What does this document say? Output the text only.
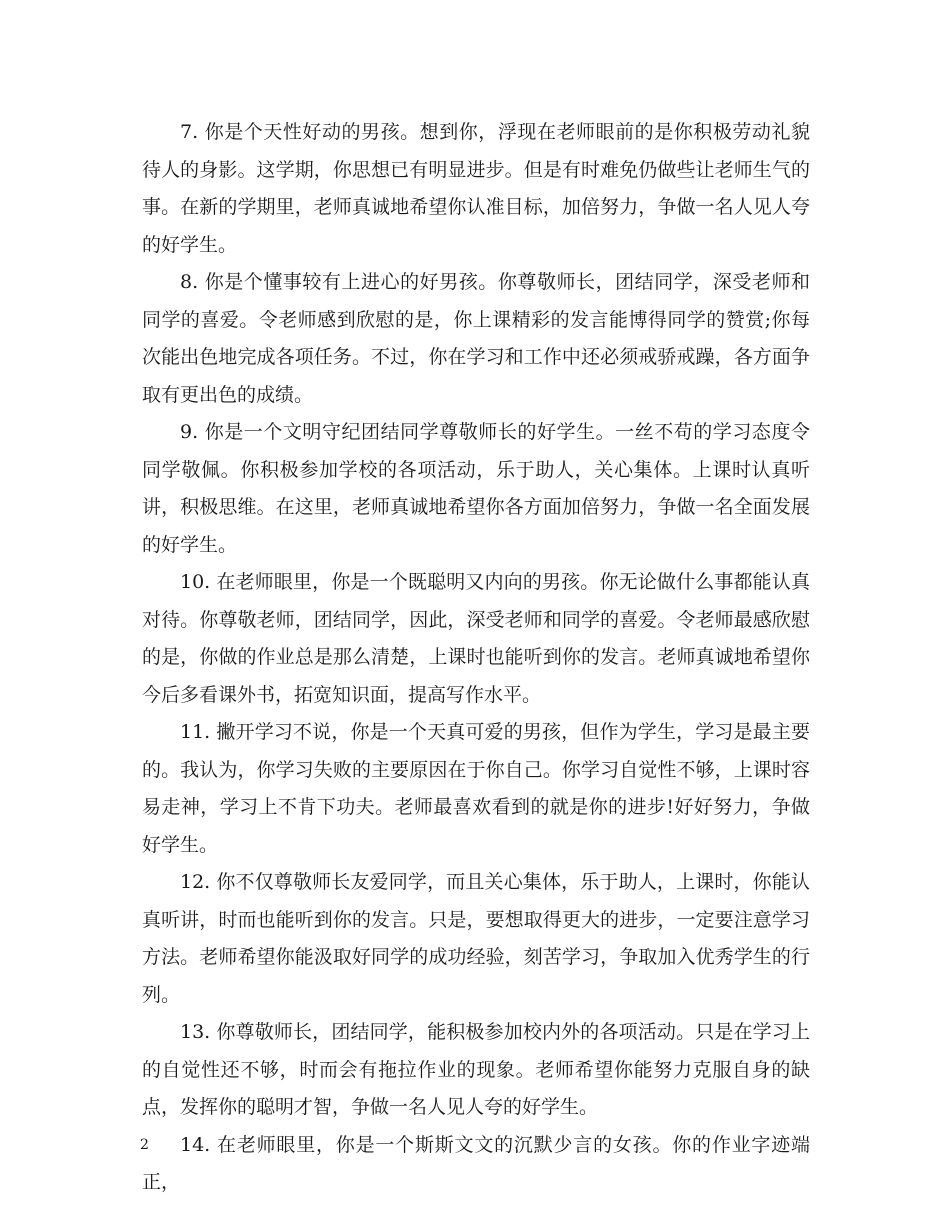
7. 你是个天性好动的男孩。想到你，浮现在老师眼前的是你积极劳动礼貌待人的身影。这学期，你思想已有明显进步。但是有时难免仍做些让老师生气的事。在新的学期里，老师真诚地希望你认准目标，加倍努力，争做一名人见人夸的好学生。

8. 你是个懂事较有上进心的好男孩。你尊敬师长，团结同学，深受老师和同学的喜爱。令老师感到欣慰的是，你上课精彩的发言能博得同学的赞赏;你每次能出色地完成各项任务。不过，你在学习和工作中还必须戒骄戒躁，各方面争取有更出色的成绩。

9. 你是一个文明守纪团结同学尊敬师长的好学生。一丝不苟的学习态度令同学敬佩。你积极参加学校的各项活动，乐于助人，关心集体。上课时认真听讲，积极思维。在这里，老师真诚地希望你各方面加倍努力，争做一名全面发展的好学生。

10. 在老师眼里，你是一个既聪明又内向的男孩。你无论做什么事都能认真对待。你尊敬老师，团结同学，因此，深受老师和同学的喜爱。令老师最感欣慰的是，你做的作业总是那么清楚，上课时也能听到你的发言。老师真诚地希望你今后多看课外书，拓宽知识面，提高写作水平。

11. 撇开学习不说，你是一个天真可爱的男孩，但作为学生，学习是最主要的。我认为，你学习失败的主要原因在于你自己。你学习自觉性不够，上课时容易走神，学习上不肯下功夫。老师最喜欢看到的就是你的进步!好好努力，争做好学生。

12. 你不仅尊敬师长友爱同学，而且关心集体，乐于助人，上课时，你能认真听讲，时而也能听到你的发言。只是，要想取得更大的进步，一定要注意学习方法。老师希望你能汲取好同学的成功经验，刻苦学习，争取加入优秀学生的行列。

13. 你尊敬师长，团结同学，能积极参加校内外的各项活动。只是在学习上的自觉性还不够，时而会有拖拉作业的现象。老师希望你能努力克服自身的缺点，发挥你的聪明才智，争做一名人见人夸的好学生。

14. 在老师眼里，你是一个斯斯文文的沉默少言的女孩。你的作业字迹端正，

2
